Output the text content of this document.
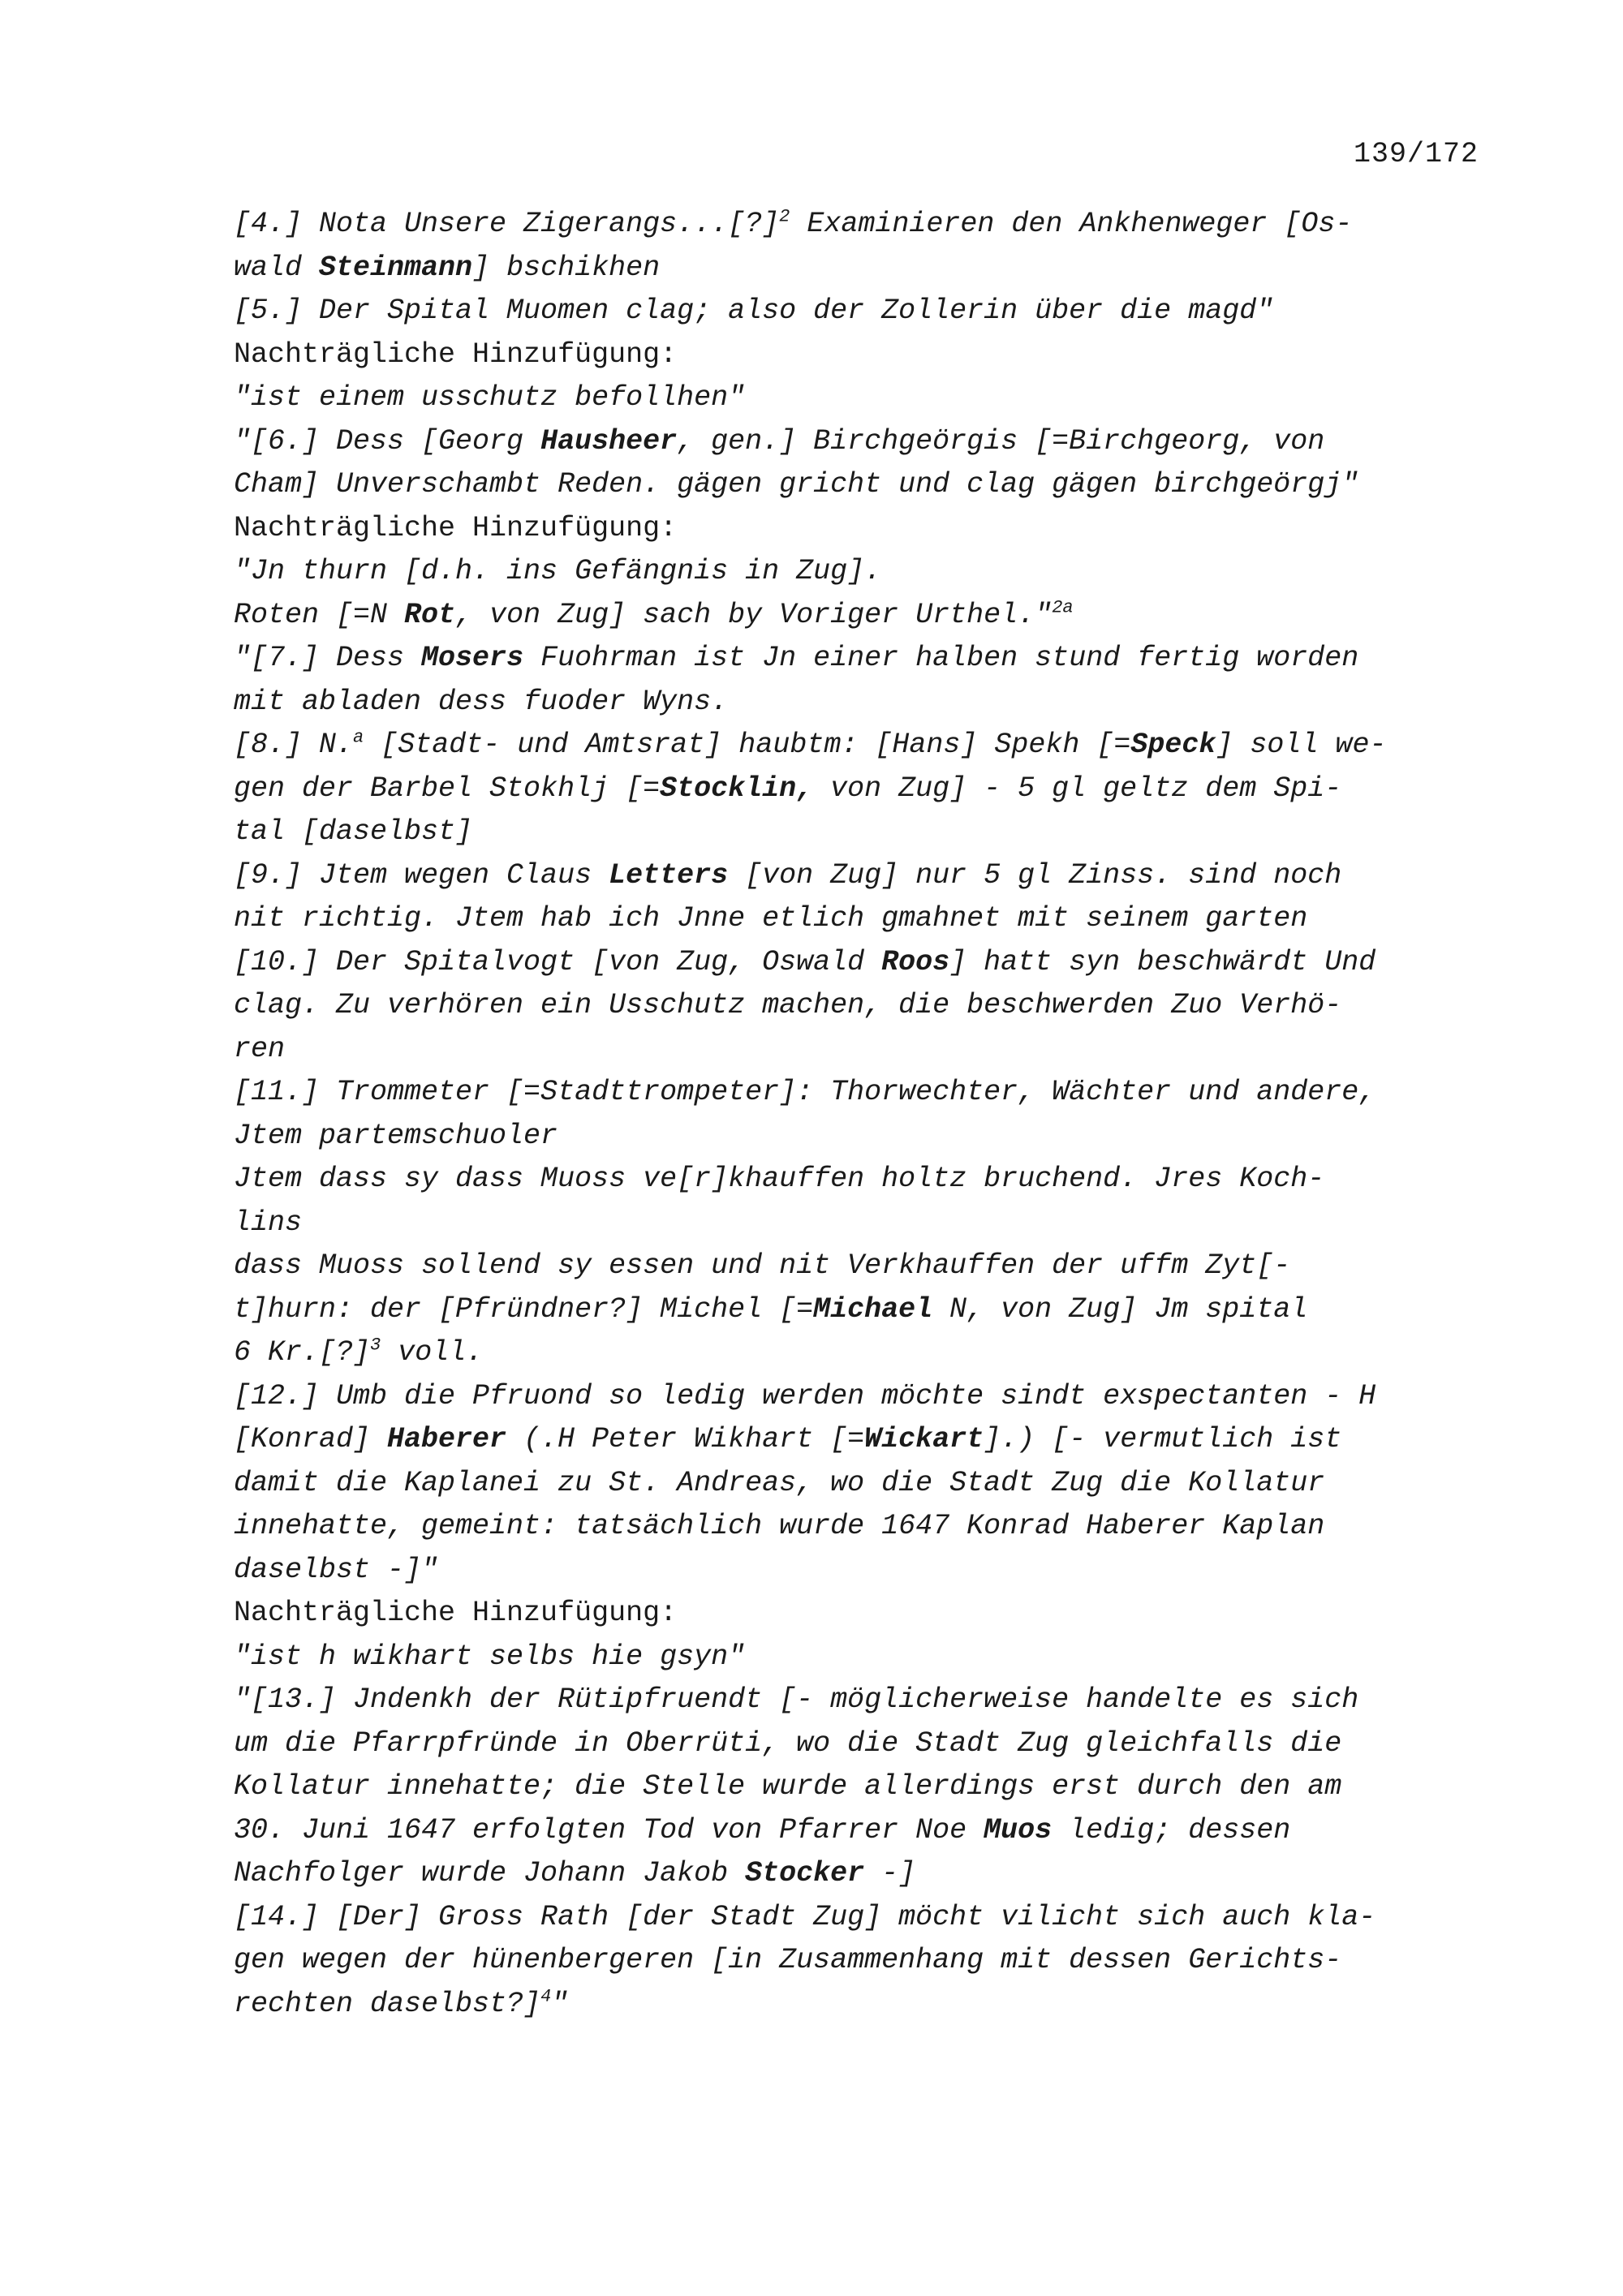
139/172
[4.] Nota Unsere Zigerangs...[?]$^2$ Examinieren den Ankhenweger [Os-
wald Steinmann] bschikhen
[5.] Der Spital Muomen clag; also der Zollerin über die magd"
Nachträgliche Hinzufügung:
"ist einem usschutz befollhen"
"[6.] Dess [Georg Hausheer, gen.] Birchgeörgis [=Birchgeorg, von
Cham] Unverschambt Reden. gägen gricht und clag gägen birchgeörgj"
Nachträgliche Hinzufügung:
"Jn thurn [d.h. ins Gefängnis in Zug].
Roten [=N Rot, von Zug] sach by Voriger Urthel."$^{2a}$
"[7.] Dess Mosers Fuohrman ist Jn einer halben stund fertig worden
mit abladen dess fuoder Wyns.
[8.] N.$^a$ [Stadt- und Amtsrat] haubtm: [Hans] Spekh [=Speck] soll we-
gen der Barbel Stokhlj [=Stocklin, von Zug] - 5 gl geltz dem Spi-
tal [daselbst]
[9.] Jtem wegen Claus Letters [von Zug] nur 5 gl Zinss. sind noch
nit richtig. Jtem hab ich Jnne etlich gmahnet mit seinem garten
[10.] Der Spitalvogt [von Zug, Oswald Roos] hatt syn beschwärdt Und
clag. Zu verhören ein Usschutz machen, die beschwerden Zuo Verhö-
ren
[11.] Trommeter [=Stadttrompeter]: Thorwechter, Wächter und andere,
Jtem partemschuoler
Jtem dass sy dass Muoss ve[r]khauffen holtz bruchend. Jres Koch-
lins
dass Muoss sollend sy essen und nit Verkhauffen der uffm Zyt[-
t]hurn: der [Pfründner?] Michel [=Michael N, von Zug] Jm spital
6 Kr.[?]$^3$ voll.
[12.] Umb die Pfruond so ledig werden möchte sindt exspectanten - H
[Konrad] Haberer (.H Peter Wikhart [=Wickart].) [- vermutlich ist
damit die Kaplanei zu St. Andreas, wo die Stadt Zug die Kollatur
innehatte, gemeint: tatsächlich wurde 1647 Konrad Haberer Kaplan
daselbst -]"
Nachträgliche Hinzufügung:
"ist h wikhart selbs hie gsyn"
"[13.] Jndenkh der Rütipfruendt [- möglicherweise handelte es sich
um die Pfarrpfründe in Oberrüti, wo die Stadt Zug gleichfalls die
Kollatur innehatte; die Stelle wurde allerdings erst durch den am
30. Juni 1647 erfolgten Tod von Pfarrer Noe Muos ledig; dessen
Nachfolger wurde Johann Jakob Stocker -]
[14.] [Der] Gross Rath [der Stadt Zug] möcht vilicht sich auch kla-
gen wegen der hünenbergeren [in Zusammenhang mit dessen Gerichts-
rechten daselbst?]$^4$"
